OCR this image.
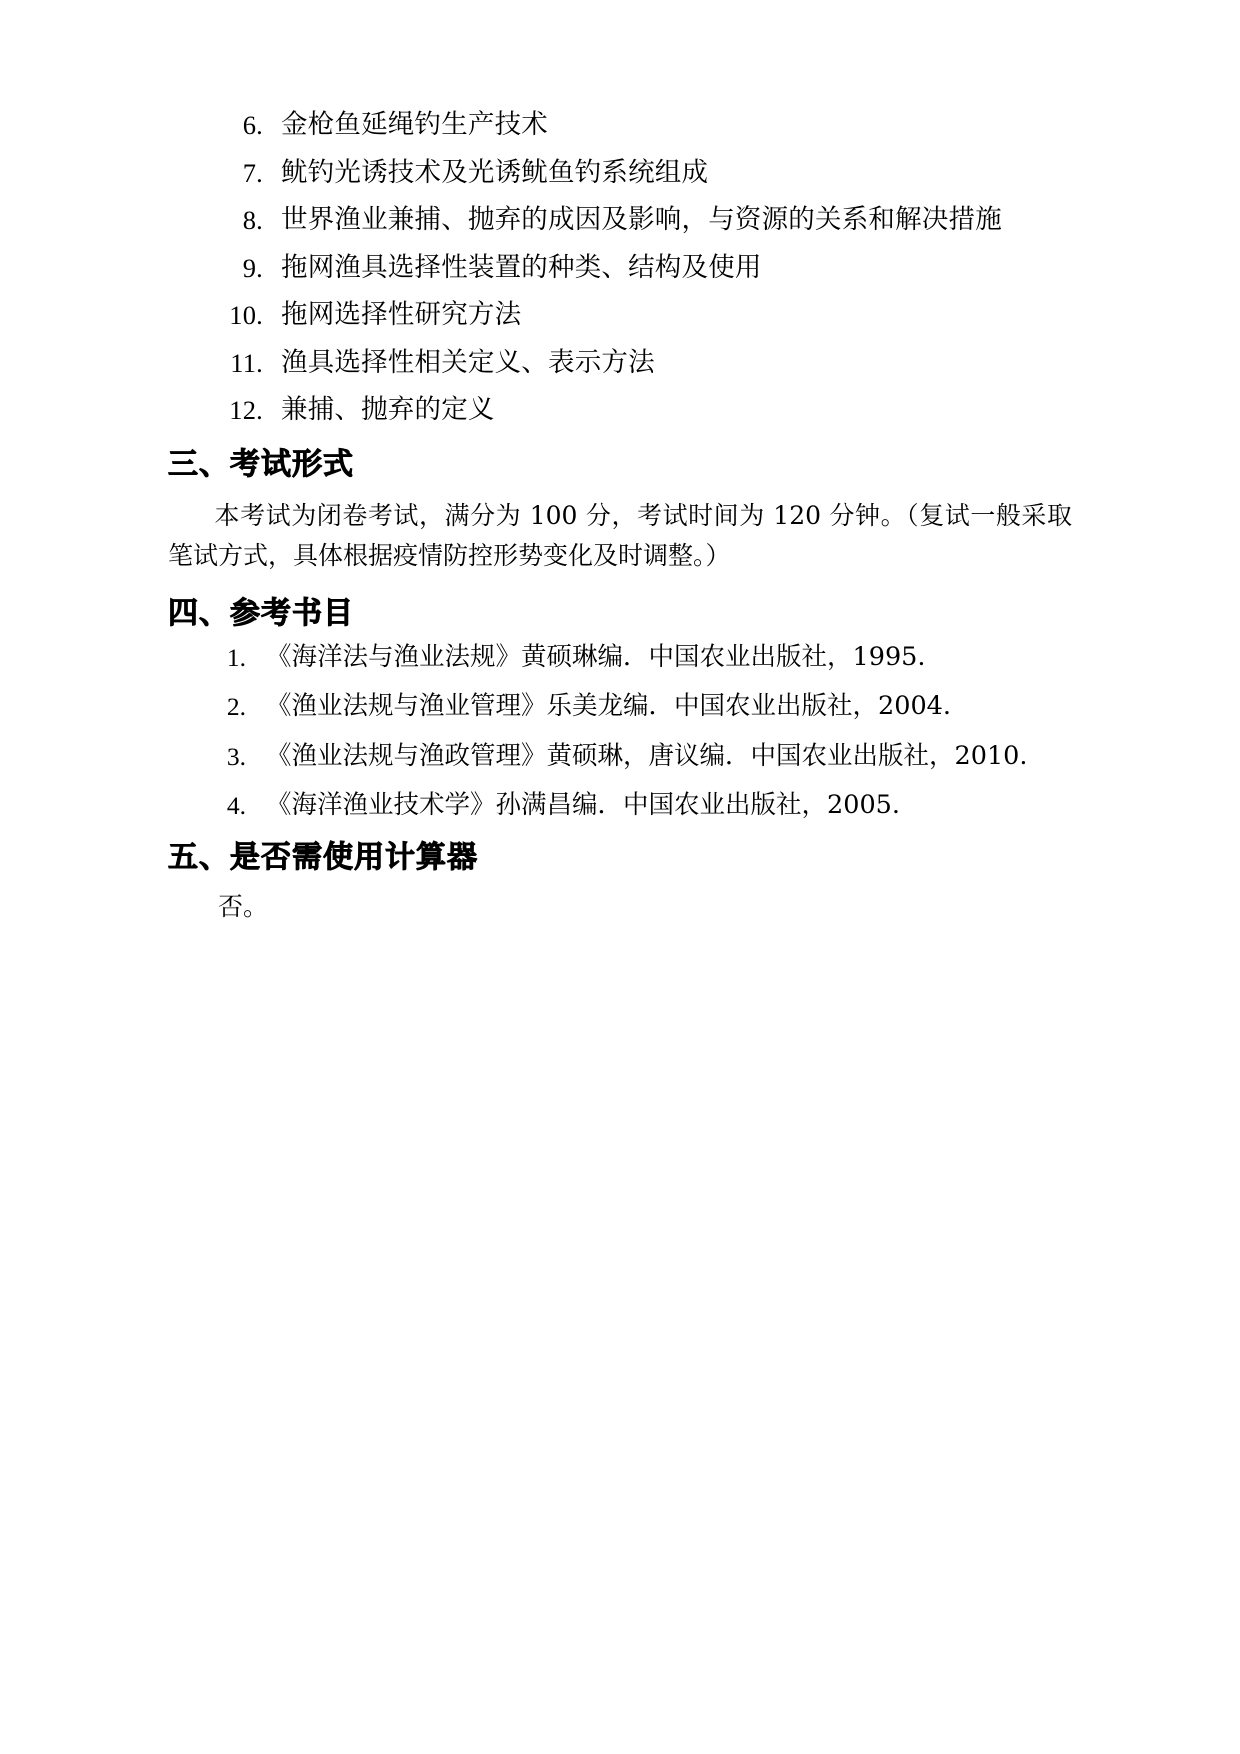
6. 金枪鱼延绳钓生产技术
7. 鱿钓光诱技术及光诱鱿鱼钓系统组成
8. 世界渔业兼捕、抛弃的成因及影响，与资源的关系和解决措施
9. 拖网渔具选择性装置的种类、结构及使用
10. 拖网选择性研究方法
11. 渔具选择性相关定义、表示方法
12. 兼捕、抛弃的定义
三、考试形式

本考试为闭卷考试，满分为 100 分，考试时间为 120 分钟。（复试一般采取笔试方式，具体根据疫情防控形势变化及时调整。）

四、参考书目
1. 《海洋法与渔业法规》黄硕琳编．中国农业出版社，1995.
2. 《渔业法规与渔业管理》乐美龙编．中国农业出版社，2004.
3. 《渔业法规与渔政管理》黄硕琳，唐议编．中国农业出版社，2010.
4. 《海洋渔业技术学》孙满昌编．中国农业出版社，2005.
五、是否需使用计算器

否。
